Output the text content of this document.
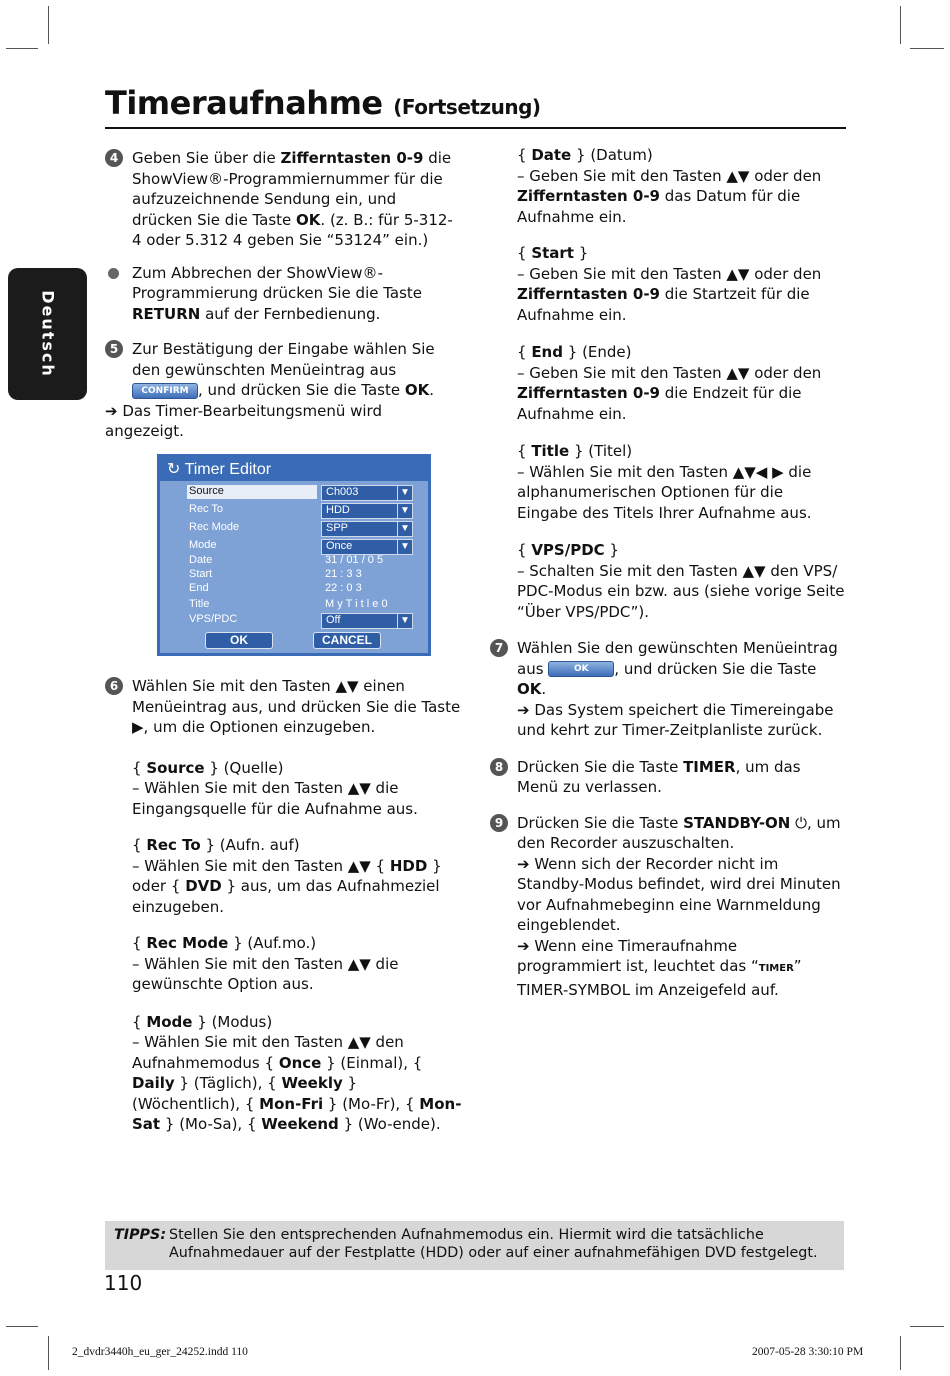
Timeraufnahme (Fortsetzung)
Deutsch
4 Geben Sie über die Zifferntasten 0-9 die ShowView®-Programmiernummer für die aufzuzeichnende Sendung ein, und drücken Sie die Taste OK. (z. B.: für 5-312-4 oder 5.312 4 geben Sie “53124” ein.)

Zum Abbrechen der ShowView®-Programmierung drücken Sie die Taste RETURN auf der Fernbedienung.

5 Zur Bestätigung der Eingabe wählen Sie den gewünschten Menüeintrag aus CONFIRM , und drücken Sie die Taste OK.

➔ Das Timer-Bearbeitungsmenü wird angezeigt.

↻ Timer Editor
Source	Ch003	▼
Rec To	HDD	▼
Rec Mode	SPP	▼
Mode	Once	▼
Date	31 / 01 / 0 5
Start	21 : 3 3
End	22 : 0 3
Title	M y T i t l e 0
VPS/PDC	Off	▼
OK	CANCEL
6 Wählen Sie mit den Tasten ▲▼ einen Menüeintrag aus, und drücken Sie die Taste ▶, um die Optionen einzugeben.

{ Source } (Quelle)

– Wählen Sie mit den Tasten ▲▼ die Eingangsquelle für die Aufnahme aus.

{ Rec To } (Aufn. auf)

– Wählen Sie mit den Tasten ▲▼ { HDD } oder { DVD } aus, um das Aufnahmeziel einzugeben.

{ Rec Mode } (Auf.mo.)

– Wählen Sie mit den Tasten ▲▼ die gewünschte Option aus.

{ Mode } (Modus)

– Wählen Sie mit den Tasten ▲▼ den Aufnahmemodus { Once } (Einmal), { Daily } (Täglich), { Weekly } (Wöchentlich), { Mon-Fri } (Mo-Fr), { Mon-Sat } (Mo-Sa), { Weekend } (Wo-ende).

{ Date } (Datum)

– Geben Sie mit den Tasten ▲▼ oder den Zifferntasten 0-9 das Datum für die Aufnahme ein.

{ Start }

– Geben Sie mit den Tasten ▲▼ oder den Zifferntasten 0-9 die Startzeit für die Aufnahme ein.

{ End } (Ende)

– Geben Sie mit den Tasten ▲▼ oder den Zifferntasten 0-9 die Endzeit für die Aufnahme ein.

{ Title } (Titel)

– Wählen Sie mit den Tasten ▲▼◀ ▶ die alphanumerischen Optionen für die Eingabe des Titels Ihrer Aufnahme aus.

{ VPS/PDC }

– Schalten Sie mit den Tasten ▲▼ den VPS/ PDC-Modus ein bzw. aus (siehe vorige Seite “Über VPS/PDC”).

7 Wählen Sie den gewünschten Menüeintrag aus	OK , und drücken Sie die Taste OK.

➔ Das System speichert die Timereingabe und kehrt zur Timer-Zeitplanliste zurück.

8 Drücken Sie die Taste TIMER, um das Menü zu verlassen.

9 Drücken Sie die Taste STANDBY-ON ⏻, um den Recorder auszuschalten.

➔ Wenn sich der Recorder nicht im Standby-Modus befindet, wird drei Minuten vor Aufnahmebeginn eine Warnmeldung eingeblendet.

➔ Wenn eine Timeraufnahme programmiert ist, leuchtet das “TIMER” TIMER-SYMBOL im Anzeigefeld auf.

TIPPS: Stellen Sie den entsprechenden Aufnahmemodus ein. Hiermit wird die tatsächliche Aufnahmedauer auf der Festplatte (HDD) oder auf einer aufnahmefähigen DVD festgelegt.
110
2_dvdr3440h_eu_ger_24252.indd 110	2007-05-28 3:30:10 PM
